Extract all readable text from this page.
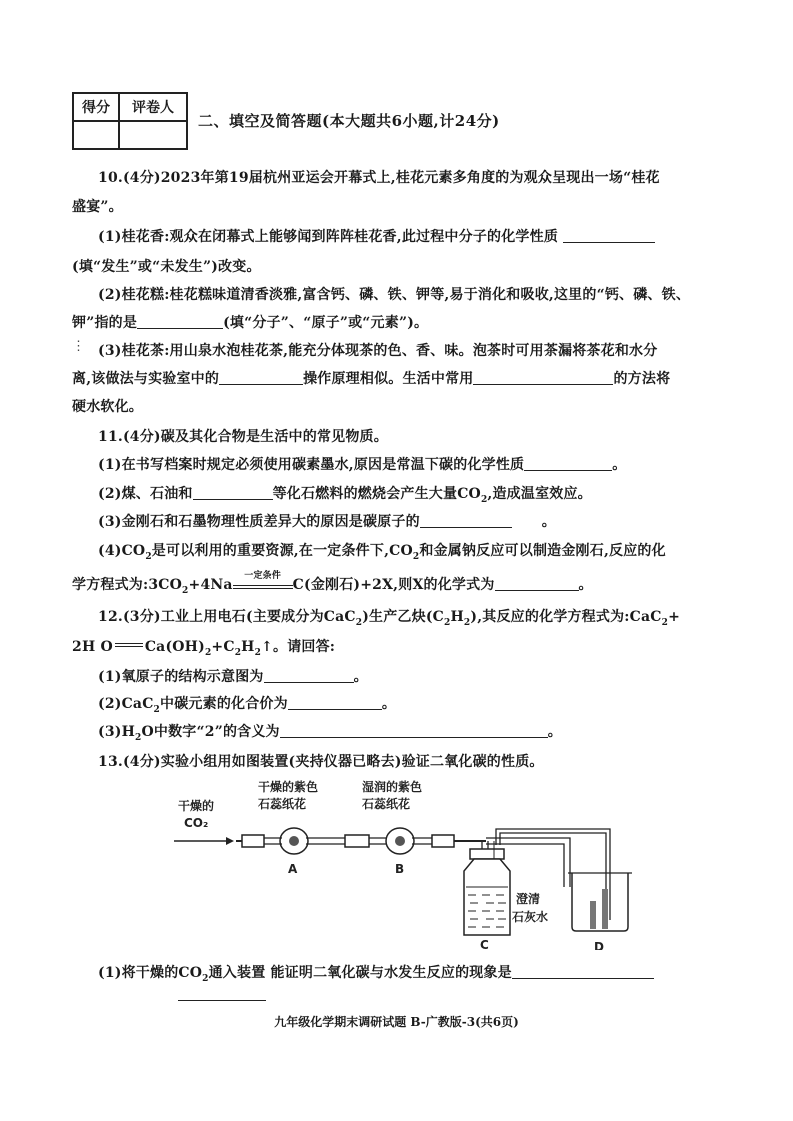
得分	评卷人

二、填空及简答题(本大题共6小题,计24分)
10.(4分)2023年第19届杭州亚运会开幕式上,桂花元素多角度的为观众呈现出一场“桂花
盛宴”。
(1)桂花香:观众在闭幕式上能够闻到阵阵桂花香,此过程中分子的化学性质
(填“发生”或“未发生”)改变。
(2)桂花糕:桂花糕味道清香淡雅,富含钙、磷、铁、钾等,易于消化和吸收,这里的“钙、磷、铁、
钾”指的是	(填“分子”、“原子”或“元素”)。
⋮ (3)桂花茶:用山泉水泡桂花茶,能充分体现茶的色、香、味。泡茶时可用茶漏将茶花和水分
离,该做法与实验室中的	操作原理相似。生活中常用	的方法将
硬水软化。
11.(4分)碳及其化合物是生活中的常见物质。
(1)在书写档案时规定必须使用碳素墨水,原因是常温下碳的化学性质	。
(2)煤、石油和	等化石燃料的燃烧会产生大量$CO_2$,造成温室效应。
(3)金刚石和石墨物理性质差异大的原因是碳原子的	。
$(4)CO_2$是可以利用的重要资源,在一定条件下$,CO_2$和金属钠反应可以制造金刚石,反应的化
学方程式为$:3CO_2+4Na$
一定条件
C(金刚石)+2X,则X的化学式为	。
12.(3分)工业上用电石(主要成分为CaC$_2$)生产乙炔$(C_2H_2)$,其反应的化学方程式为:CaC$_2$+
2H O $Ca(OH)_2+C_2H_2↑$。请回答:
(1)氧原子的结构示意图为	。
(2)CaC$_2$中碳元素的化合价为	。
$(3)H_2O$中数字“2”的含义为	。
13.(4分)实验小组用如图装置(夹持仪器已略去)验证二氧化碳的性质。
干燥的
CO₂
干燥的紫色
石蕊纸花
A
湿润的紫色
石蕊纸花
B
澄清
石灰水
C	D
(1)将干燥的$CO_2$通入装置 能证明二氧化碳与水发生反应的现象是
九年级化学期末调研试题 B-广教版-3(共6页)
